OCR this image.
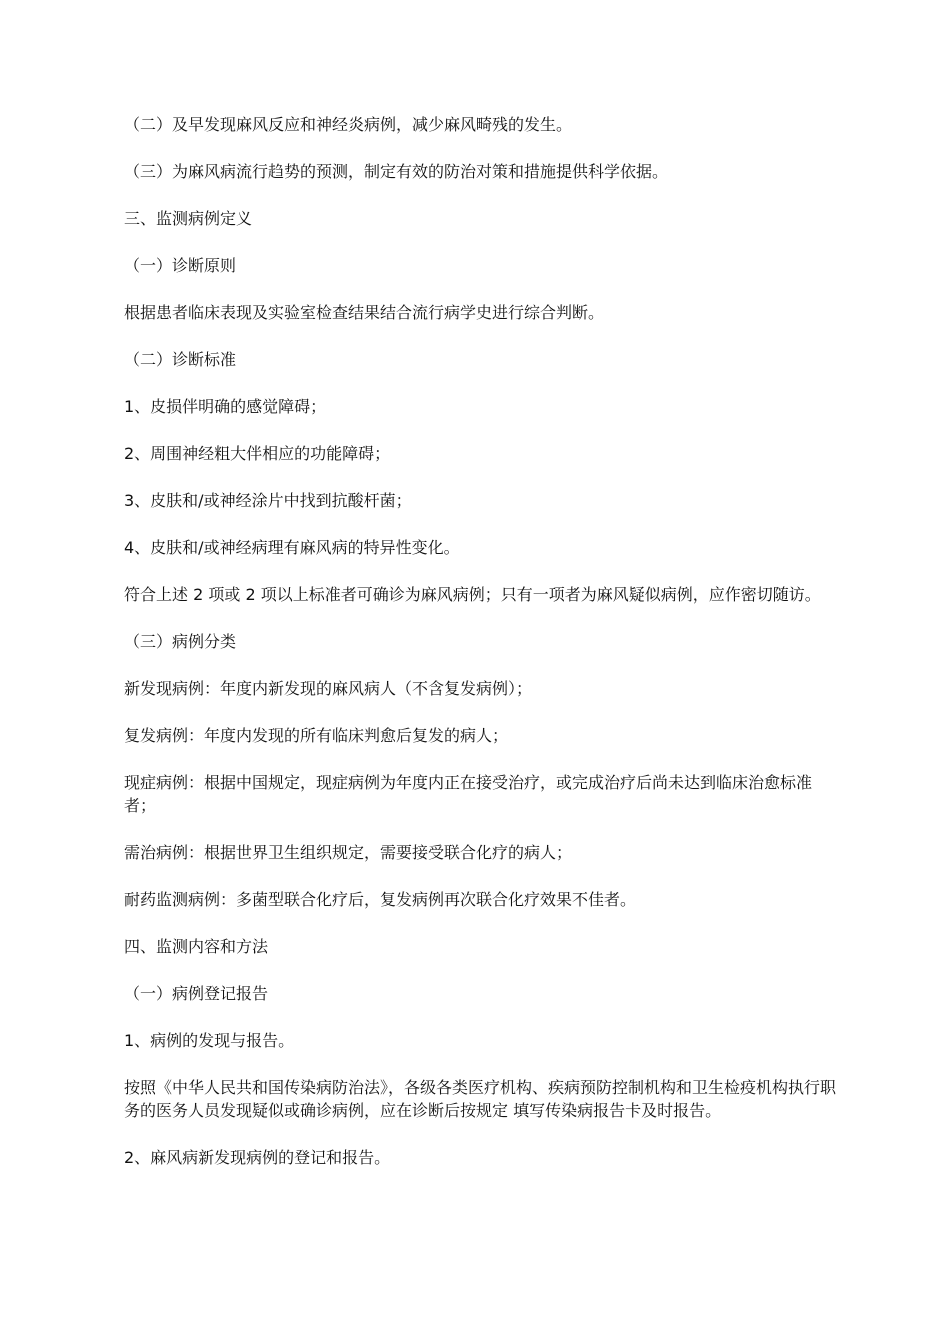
（二）及早发现麻风反应和神经炎病例，减少麻风畸残的发生。

（三）为麻风病流行趋势的预测，制定有效的防治对策和措施提供科学依据。

三、监测病例定义

（一）诊断原则

根据患者临床表现及实验室检查结果结合流行病学史进行综合判断。

（二）诊断标准

1、皮损伴明确的感觉障碍；

2、周围神经粗大伴相应的功能障碍；

3、皮肤和/或神经涂片中找到抗酸杆菌；

4、皮肤和/或神经病理有麻风病的特异性变化。

符合上述 2 项或 2 项以上标准者可确诊为麻风病例；只有一项者为麻风疑似病例，应作密切随访。

（三）病例分类

新发现病例：年度内新发现的麻风病人（不含复发病例）；

复发病例：年度内发现的所有临床判愈后复发的病人；

现症病例：根据中国规定，现症病例为年度内正在接受治疗，或完成治疗后尚未达到临床治愈标准者；

需治病例：根据世界卫生组织规定，需要接受联合化疗的病人；

耐药监测病例：多菌型联合化疗后，复发病例再次联合化疗效果不佳者。

四、监测内容和方法

（一）病例登记报告

1、病例的发现与报告。

按照《中华人民共和国传染病防治法》，各级各类医疗机构、疾病预防控制机构和卫生检疫机构执行职务的医务人员发现疑似或确诊病例，应在诊断后按规定 填写传染病报告卡及时报告。

2、麻风病新发现病例的登记和报告。
